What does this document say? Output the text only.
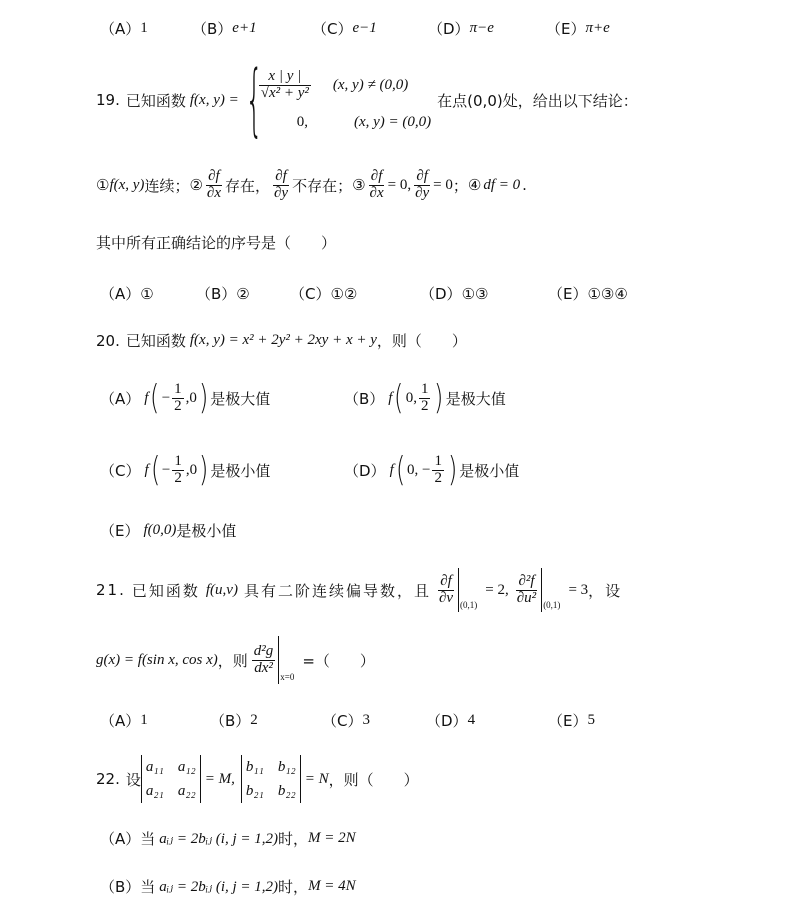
（A） 1	（B） e+1	（C） e−1	（D） π−e	（E） π+e
19. 已知函数 f(x, y) = {
$\frac{x | y |}{\text{√x² + y²}} (x$, y) ≠ (0,0)
0,	(x, y) = (0,0)
在点(0,0)处，给出以下结论：
① f(x, y) 连续； ② $\frac{\partial f}{\partial x}$ 存在， $\frac{\partial f}{\partial y}$ 不存在； ③ $\frac{\partial f}{\partial x} = 0$, $\frac{\partial f}{\partial y} = 0$ ； ④ df = 0 .
其中所有正确结论的序号是（　　）
（A） ①	（B） ②	（C） ①②	（D） ①③	（E） ①③④
20. 已知函数 f(x, y) = x² + 2y² + 2xy + x + y ，则（　　）
（A） f ( − $\frac{1}{2} ,0$ ) 是极大值	（B） f ( 0, $\frac{1}{2}$ ) 是极大值
（C） f ( − $\frac{1}{2} ,0$ ) 是极小值	（D） f ( 0, − $\frac{1}{2}$ ) 是极小值
（E） f(0,0) 是极小值
21. 已知函数 f(u,v) 具有二阶连续偏导数，且 $\frac{\partial f}{\partial v} (0,1)$
= 2, $\frac{\text{∂²f}}{\text{∂u²}} (0,1)$
= 3 ，设
g(x) = f(sin x, cos x) ，则 $\frac{\text{d²g}}{\text{dx²}}$
x=0
=（　　）
（A） 1	（B） 2	（C） 3	（D） 4	（E） 5
22. 设
a₁₁ a₁₂
a₂₁ a₂₂
= M,
b₁₁ b₁₂
b₂₁ b₂₂
= N ，则（　　）
（A）当 aᵢⱼ = 2bᵢⱼ (i, j = 1,2) 时， M = 2N
（B）当 aᵢⱼ = 2bᵢⱼ (i, j = 1,2) 时， M = 4N
